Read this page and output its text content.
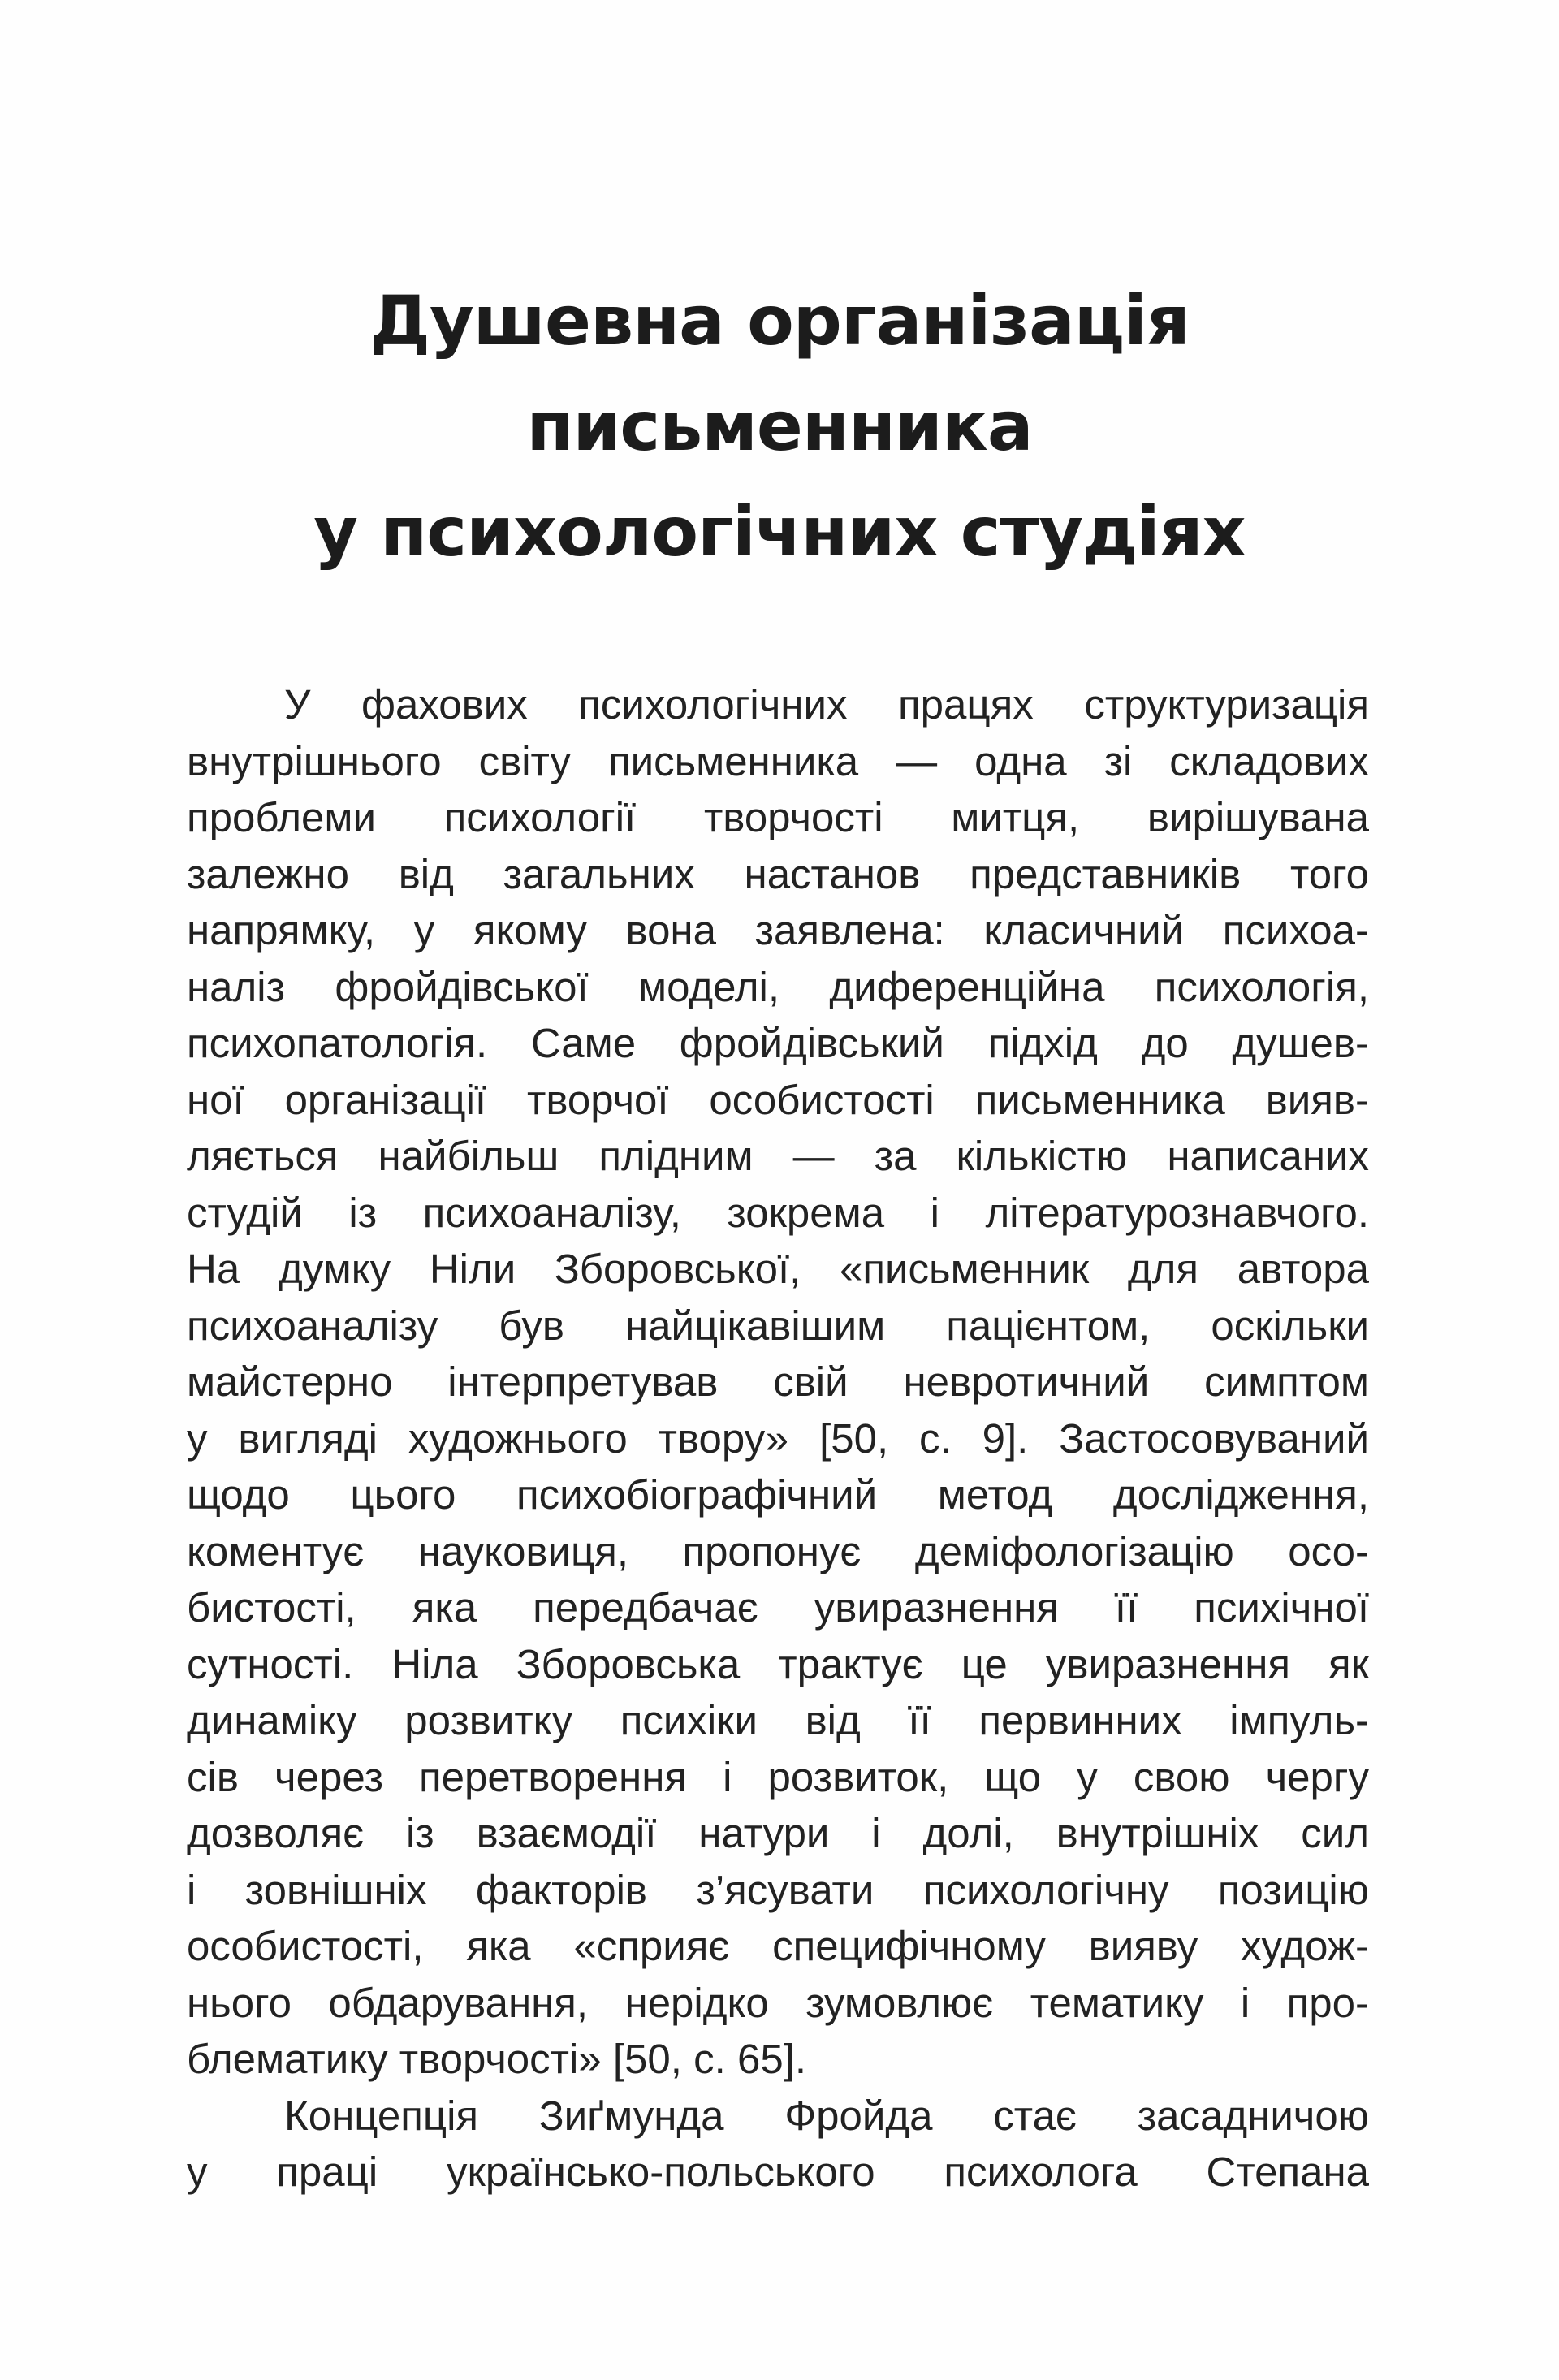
Душевна організація
письменника
у психологічних студіях
У фахових психологічних працях структуризація
внутрішнього світу письменника — одна зі складових
проблеми психології творчості митця, вирішувана
залежно від загальних настанов представників того
напрямку, у якому вона заявлена: класичний психоа-
наліз фройдівської моделі, диференційна психологія,
психопатологія. Саме фройдівський підхід до душев-
ної організації творчої особистості письменника вияв-
ляється найбільш плідним — за кількістю написаних
студій із психоаналізу, зокрема і літературознавчого.
На думку Ніли Зборовської, «письменник для автора
психоаналізу був найцікавішим пацієнтом, оскільки
майстерно інтерпретував свій невротичний симптом
у вигляді художнього твору» [50, с. 9]. Застосовуваний
щодо цього психобіографічний метод дослідження,
коментує науковиця, пропонує деміфологізацію осо-
бистості, яка передбачає увиразнення її психічної
сутності. Ніла Зборовська трактує це увиразнення як
динаміку розвитку психіки від її первинних імпуль-
сів через перетворення і розвиток, що у свою чергу
дозволяє із взаємодії натури і долі, внутрішніх сил
і зовнішніх факторів з’ясувати психологічну позицію
особистості, яка «сприяє специфічному вияву худож-
нього обдарування, нерідко зумовлює тематику і про-
блематику творчості» [50, с. 65].
Концепція Зиґмунда Фройда стає засадничою
у праці українсько-польського психолога Степана
